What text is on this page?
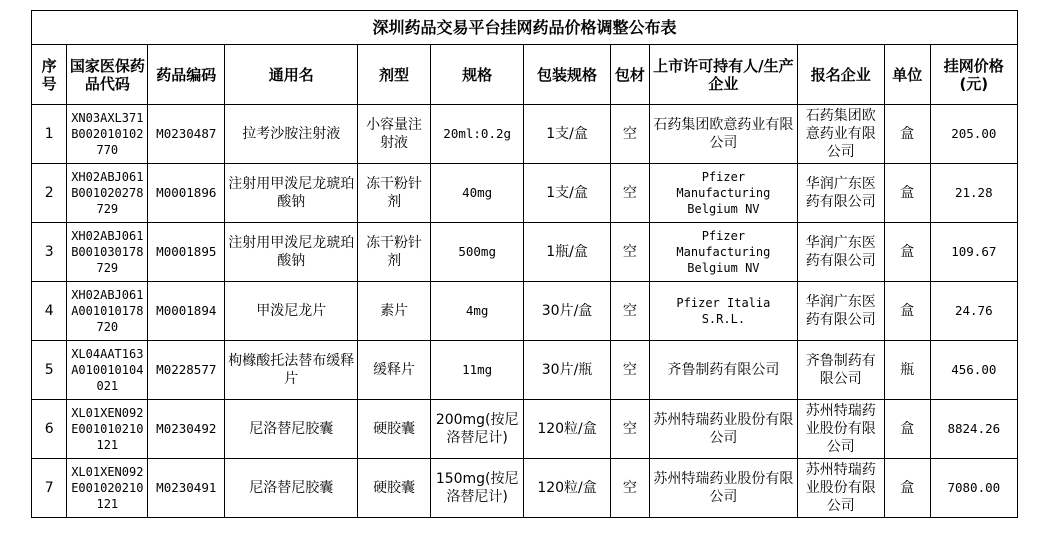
深圳药品交易平台挂网药品价格调整公布表											
序号	国家医保药品代码	药品编码	通用名	剂型	规格	包装规格	包材	上市许可持有人/生产企业	报名企业	单位	挂网价格(元)
1	XN03AXL371B002010102770	M0230487	拉考沙胺注射液	小容量注射液	20ml:0.2g	1支/盒	空	石药集团欧意药业有限公司	石药集团欧意药业有限公司	盒	205.00
2	XH02ABJ061B001020278729	M0001896	注射用甲泼尼龙琥珀酸钠	冻干粉针剂	40mg	1支/盒	空	Pfizer Manufacturing Belgium NV	华润广东医药有限公司	盒	21.28
3	XH02ABJ061B001030178729	M0001895	注射用甲泼尼龙琥珀酸钠	冻干粉针剂	500mg	1瓶/盒	空	Pfizer Manufacturing Belgium NV	华润广东医药有限公司	盒	109.67
4	XH02ABJ061A001010178720	M0001894	甲泼尼龙片	素片	4mg	30片/盒	空	Pfizer Italia S.R.L.	华润广东医药有限公司	盒	24.76
5	XL04AAT163A010010104021	M0228577	枸橼酸托法替布缓释片	缓释片	11mg	30片/瓶	空	齐鲁制药有限公司	齐鲁制药有限公司	瓶	456.00
6	XL01XEN092E001010210121	M0230492	尼洛替尼胶囊	硬胶囊	200mg(按尼洛替尼计)	120粒/盒	空	苏州特瑞药业股份有限公司	苏州特瑞药业股份有限公司	盒	8824.26
7	XL01XEN092E001020210121	M0230491	尼洛替尼胶囊	硬胶囊	150mg(按尼洛替尼计)	120粒/盒	空	苏州特瑞药业股份有限公司	苏州特瑞药业股份有限公司	盒	7080.00
